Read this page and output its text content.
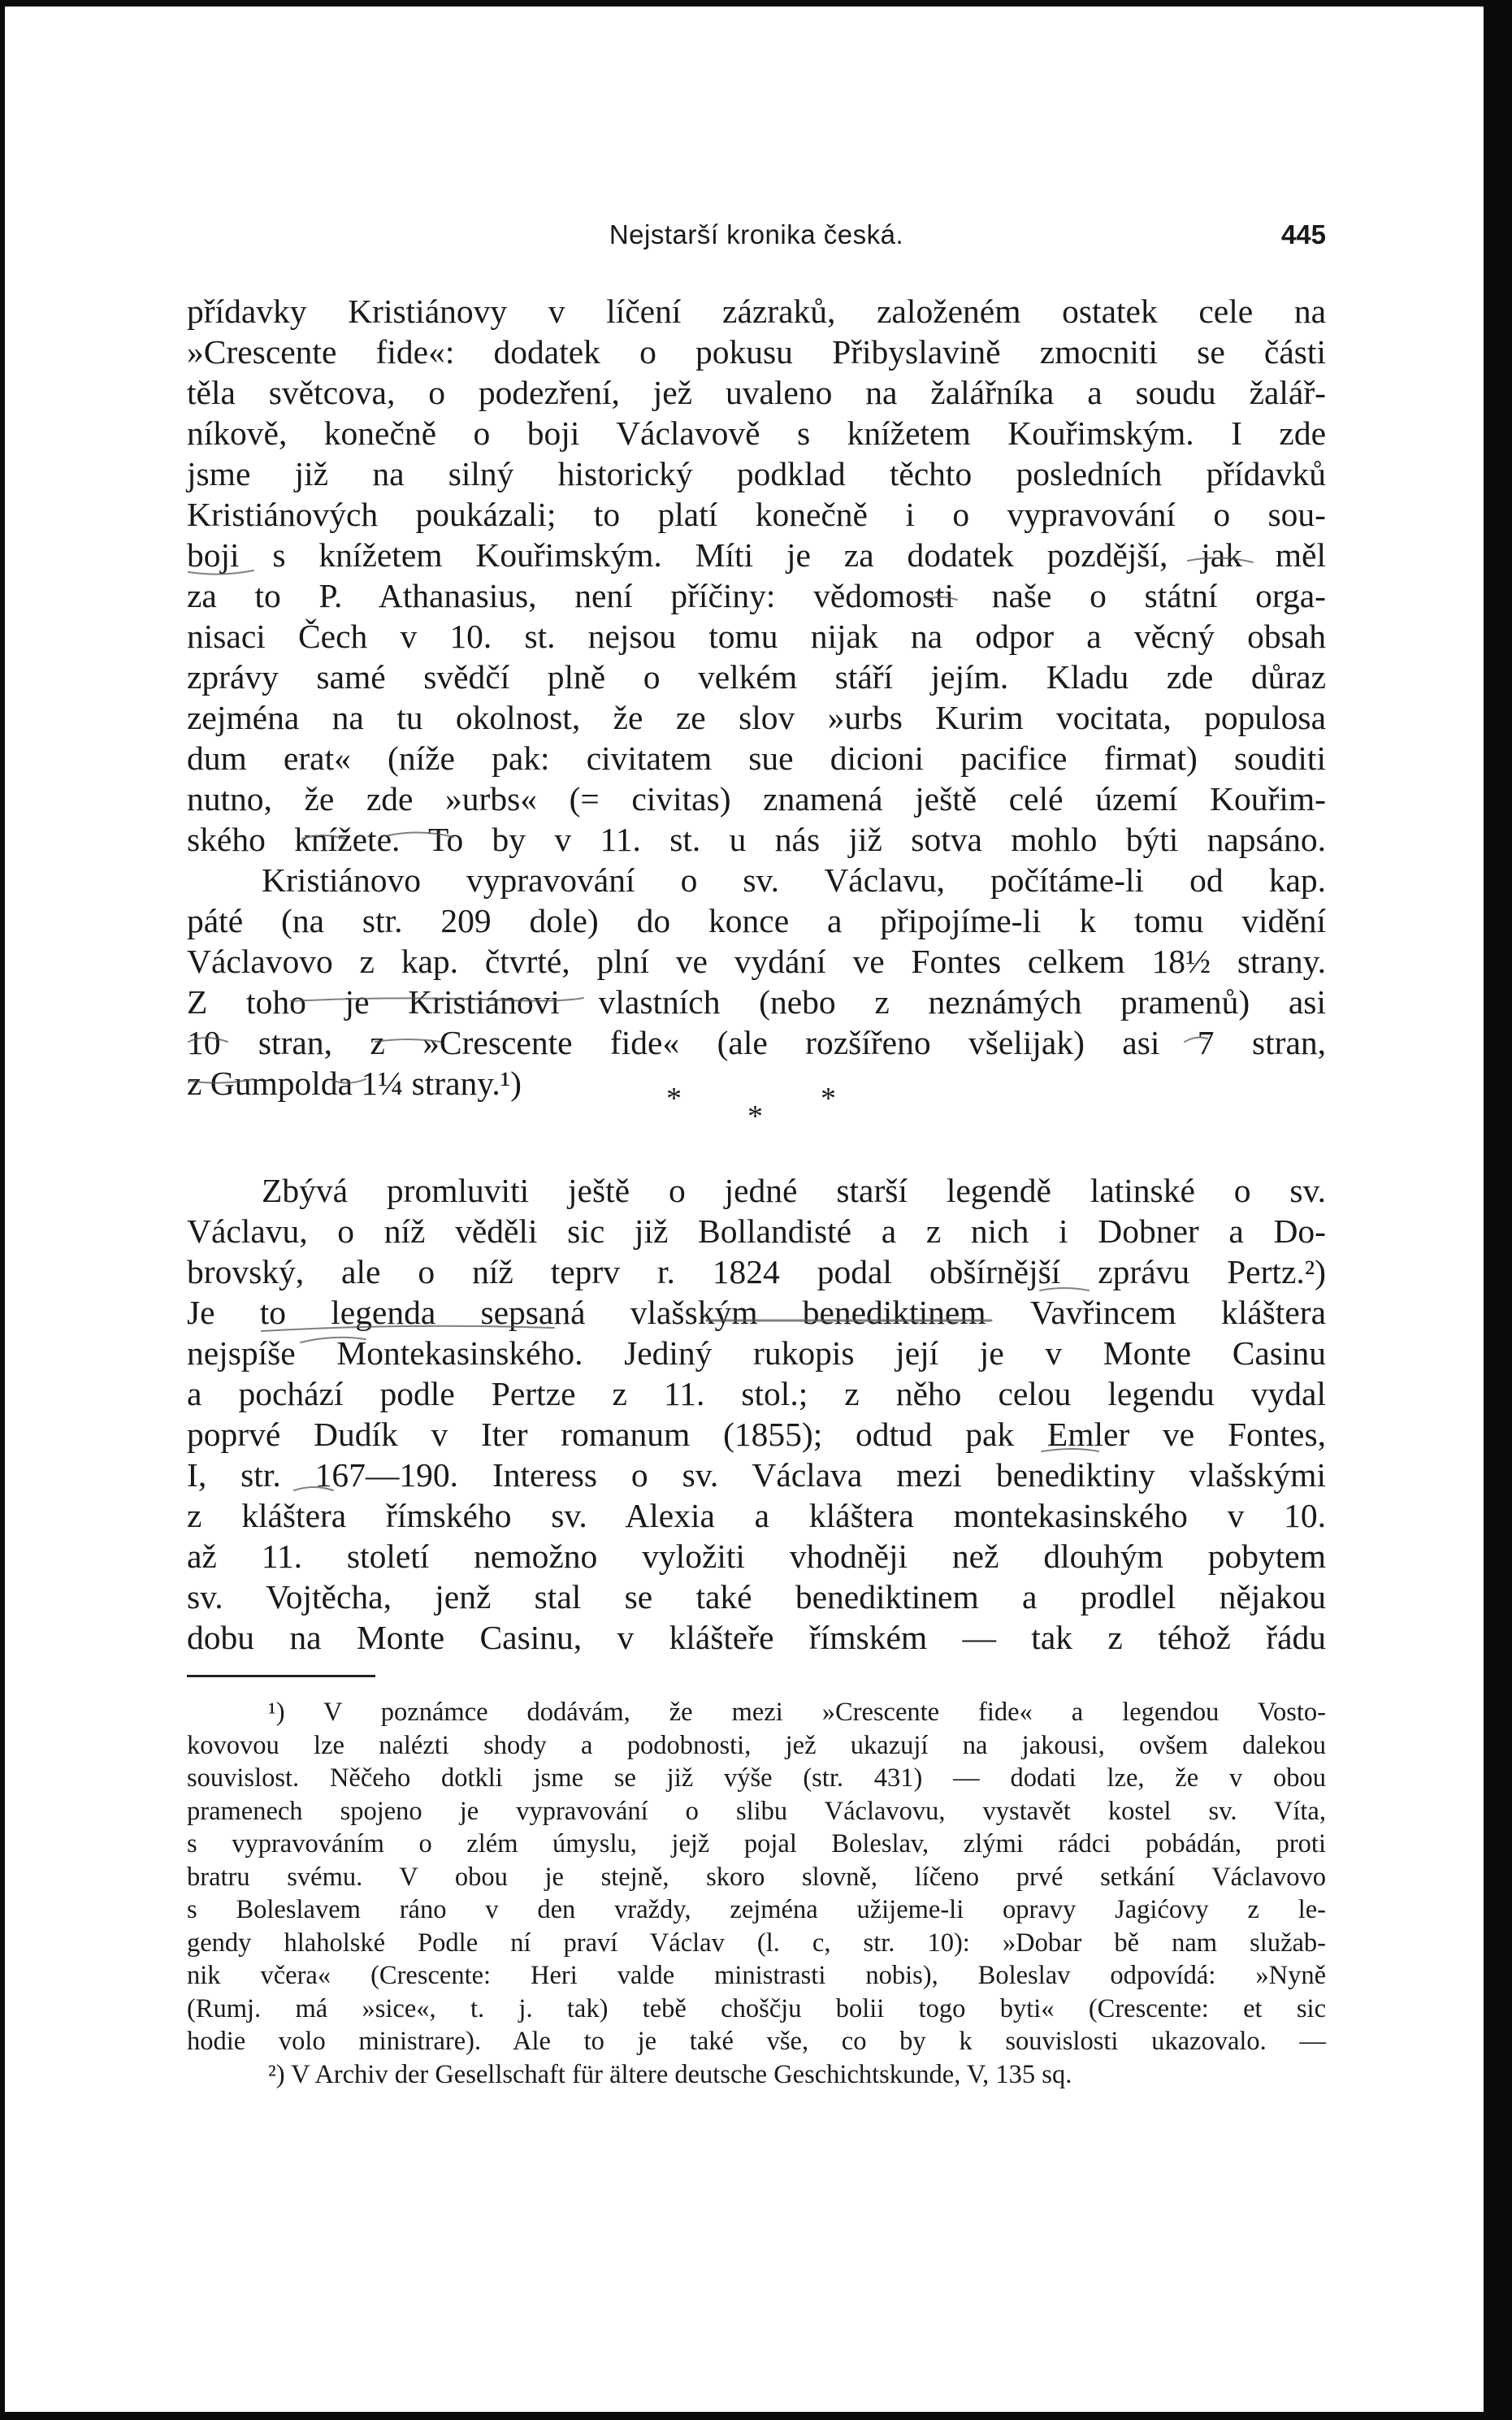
Nejstarší kronika česká.	445
přídavky Kristiánovy v líčení zázraků, založeném ostatek cele na
»Crescente fide«: dodatek o pokusu Přibyslavině zmocniti se části
těla světcova, o podezření, jež uvaleno na žalářníka a soudu žalář-
níkově, konečně o boji Václavově s knížetem Kouřimským. I zde
jsme již na silný historický podklad těchto posledních přídavků
Kristiánových poukázali; to platí konečně i o vypravování o sou-
boji s knížetem Kouřimským. Míti je za dodatek pozdější, jak měl
za to P. Athanasius, není příčiny: vědomosti naše o státní orga-
nisaci Čech v 10. st. nejsou tomu nijak na odpor a věcný obsah
zprávy samé svědčí plně o velkém stáří jejím. Kladu zde důraz
zejména na tu okolnost, že ze slov »urbs Kurim vocitata, populosa
dum erat« (níže pak: civitatem sue dicioni pacifice firmat) souditi
nutno, že zde »urbs« (= civitas) znamená ještě celé území Kouřim-
ského knížete. To by v 11. st. u nás již sotva mohlo býti napsáno.
Kristiánovo vypravování o sv. Václavu, počítáme-li od kap.
páté (na str. 209 dole) do konce a připojíme-li k tomu vidění
Václavovo z kap. čtvrté, plní ve vydání ve Fontes celkem 18½ strany.
Z toho je Kristiánovi vlastních (nebo z neznámých pramenů) asi
10 stran, z »Crescente fide« (ale rozšířeno všelijak) asi 7 stran,
z Gumpolda 1¼ strany.¹)	*
*
*
Zbývá promluviti ještě o jedné starší legendě latinské o sv.
Václavu, o níž věděli sic již Bollandisté a z nich i Dobner a Do-
brovský, ale o níž teprv r. 1824 podal obšírnější zprávu Pertz.²)
Je to legenda sepsaná vlašským benediktinem Vavřincem kláštera
nejspíše Montekasinského. Jediný rukopis její je v Monte Casinu
a pochází podle Pertze z 11. stol.; z něho celou legendu vydal
poprvé Dudík v Iter romanum (1855); odtud pak Emler ve Fontes,
I, str. 167—190. Interess o sv. Václava mezi benediktiny vlašskými
z kláštera římského sv. Alexia a kláštera montekasinského v 10.
až 11. století nemožno vyložiti vhodněji než dlouhým pobytem
sv. Vojtěcha, jenž stal se také benediktinem a prodlel nějakou
dobu na Monte Casinu, v klášteře římském — tak z téhož řádu
¹) V poznámce dodávám, že mezi »Crescente fide« a legendou Vosto-
kovovou lze nalézti shody a podobnosti, jež ukazují na jakousi, ovšem dalekou
souvislost. Něčeho dotkli jsme se již výše (str. 431) — dodati lze, že v obou
pramenech spojeno je vypravování o slibu Václavovu, vystavět kostel sv. Víta,
s vypravováním o zlém úmyslu, jejž pojal Boleslav, zlými rádci pobádán, proti
bratru svému. V obou je stejně, skoro slovně, líčeno prvé setkání Václavovo
s Boleslavem ráno v den vraždy, zejména užijeme-li opravy Jagićovy z le-
gendy hlaholské Podle ní praví Václav (l. c, str. 10): »Dobar bě nam služab-
nik včera« (Crescente: Heri valde ministrasti nobis), Boleslav odpovídá: »Nyně
(Rumj. má »sice«, t. j. tak) tebě choščju bolii togo byti« (Crescente: et sic
hodie volo ministrare). Ale to je také vše, co by k souvislosti ukazovalo. —
²) V Archiv der Gesellschaft für ältere deutsche Geschichtskunde, V, 135 sq.
